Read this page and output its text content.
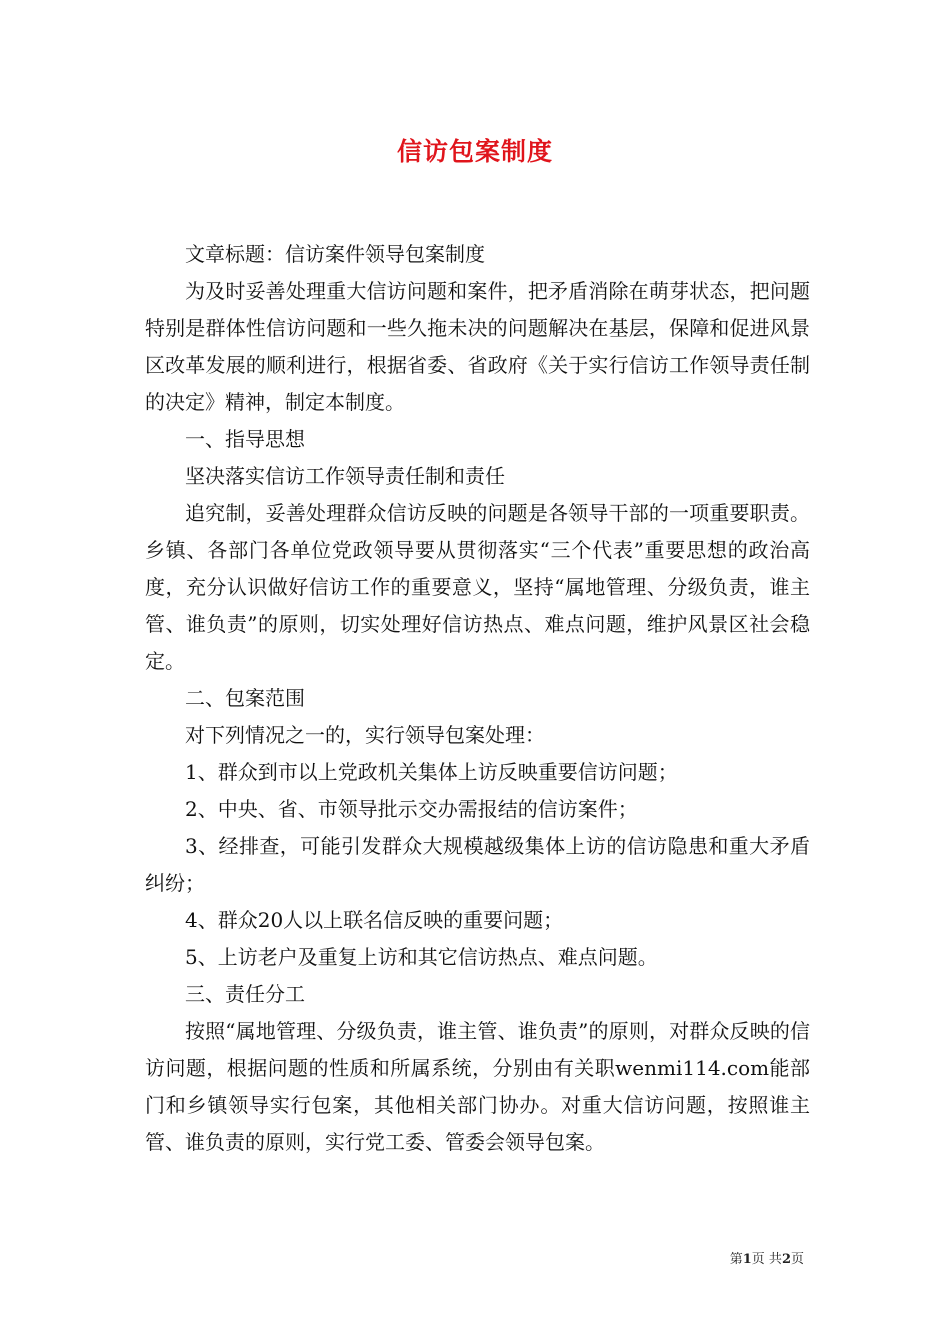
信访包案制度

文章标题：信访案件领导包案制度

为及时妥善处理重大信访问题和案件，把矛盾消除在萌芽状态，把问题特别是群体性信访问题和一些久拖未决的问题解决在基层，保障和促进风景区改革发展的顺利进行，根据省委、省政府《关于实行信访工作领导责任制的决定》精神，制定本制度。

一、指导思想

坚决落实信访工作领导责任制和责任

追究制，妥善处理群众信访反映的问题是各领导干部的一项重要职责。乡镇、各部门各单位党政领导要从贯彻落实“三个代表”重要思想的政治高度，充分认识做好信访工作的重要意义，坚持“属地管理、分级负责，谁主管、谁负责”的原则，切实处理好信访热点、难点问题，维护风景区社会稳定。

二、包案范围

对下列情况之一的，实行领导包案处理：

1、群众到市以上党政机关集体上访反映重要信访问题；

2、中央、省、市领导批示交办需报结的信访案件；

3、经排查，可能引发群众大规模越级集体上访的信访隐患和重大矛盾纠纷；

4、群众20人以上联名信反映的重要问题；

5、上访老户及重复上访和其它信访热点、难点问题。

三、责任分工

按照“属地管理、分级负责，谁主管、谁负责”的原则，对群众反映的信访问题，根据问题的性质和所属系统，分别由有关职wenmi114.com能部门和乡镇领导实行包案，其他相关部门协办。对重大信访问题，按照谁主管、谁负责的原则，实行党工委、管委会领导包案。

第1页 共2页
